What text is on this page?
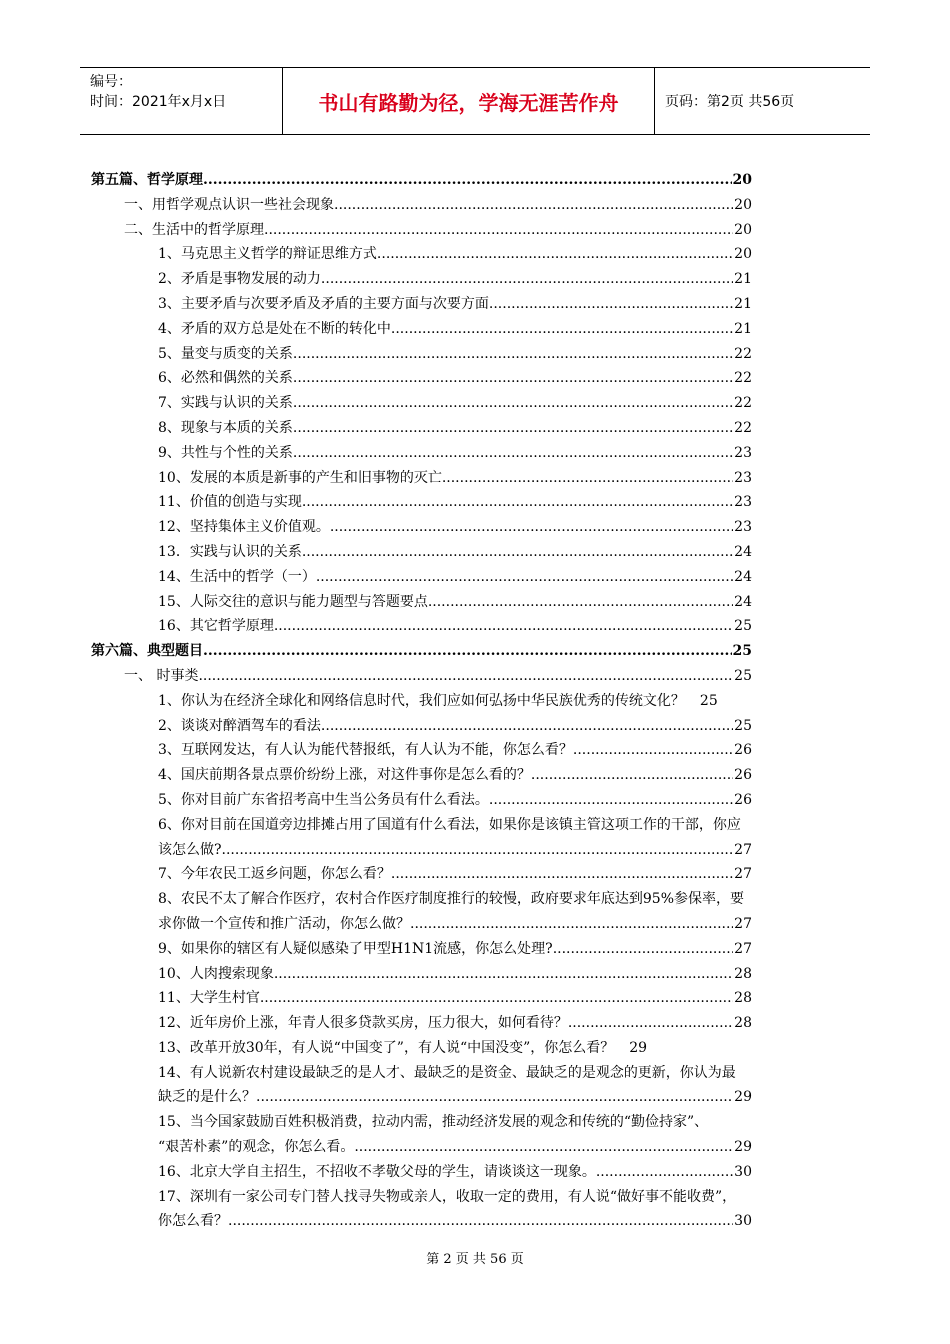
编号：
时间：2021年x月x日	书山有路勤为径，学海无涯苦作舟	页码：第2页 共56页
第五篇、哲学原理 .....	20
一、用哲学观点认识一些社会现象 .....	20
二、生活中的哲学原理 .....	20
1、马克思主义哲学的辩证思维方式 .....	20
2、矛盾是事物发展的动力 .....	21
3、主要矛盾与次要矛盾及矛盾的主要方面与次要方面 .....	21
4、矛盾的双方总是处在不断的转化中 .....	21
5、量变与质变的关系 .....	22
6、必然和偶然的关系 .....	22
7、实践与认识的关系 .....	22
8、现象与本质的关系 .....	22
9、共性与个性的关系 .....	23
10、发展的本质是新事的产生和旧事物的灭亡 .....	23
11、价值的创造与实现 .....	23
12、坚持集体主义价值观。 .....	23
13．实践与认识的关系 .....	24
14、生活中的哲学（一） .....	24
15、人际交往的意识与能力题型与答题要点 .....	24
16、其它哲学原理 .....	25
第六篇、典型题目 .....	25
一、 时事类 .....	25
1、你认为在经济全球化和网络信息时代，我们应如何弘扬中华民族优秀的传统文化？ 25
2、谈谈对醉酒驾车的看法 .....	25
3、互联网发达，有人认为能代替报纸，有人认为不能，你怎么看？ .....	26
4、国庆前期各景点票价纷纷上涨，对这件事你是怎么看的？ .....	26
5、你对目前广东省招考高中生当公务员有什么看法。 .....	26
6、你对目前在国道旁边排摊占用了国道有什么看法，如果你是该镇主管这项工作的干部，你应
该怎么做? .....	27
7、今年农民工返乡问题，你怎么看？ .....	27
8、农民不太了解合作医疗，农村合作医疗制度推行的较慢，政府要求年底达到95%参保率，要
求你做一个宣传和推广活动，你怎么做？ .....	27
9、如果你的辖区有人疑似感染了甲型H1N1流感，你怎么处理? .....	27
10、人肉搜索现象 .....	28
11、大学生村官 .....	28
12、近年房价上涨，年青人很多贷款买房，压力很大，如何看待？ .....	28
13、改革开放30年，有人说“中国变了”，有人说“中国没变”，你怎么看？ 29
14、有人说新农村建设最缺乏的是人才、最缺乏的是资金、最缺乏的是观念的更新，你认为最
缺乏的是什么？ .....	29
15、当今国家鼓励百姓积极消费，拉动内需，推动经济发展的观念和传统的“勤俭持家”、
“艰苦朴素”的观念，你怎么看。 .....	29
16、北京大学自主招生，不招收不孝敬父母的学生，请谈谈这一现象。 .....	30
17、深圳有一家公司专门替人找寻失物或亲人，收取一定的费用，有人说“做好事不能收费”，
你怎么看？ .....	30
第 2 页 共 56 页
